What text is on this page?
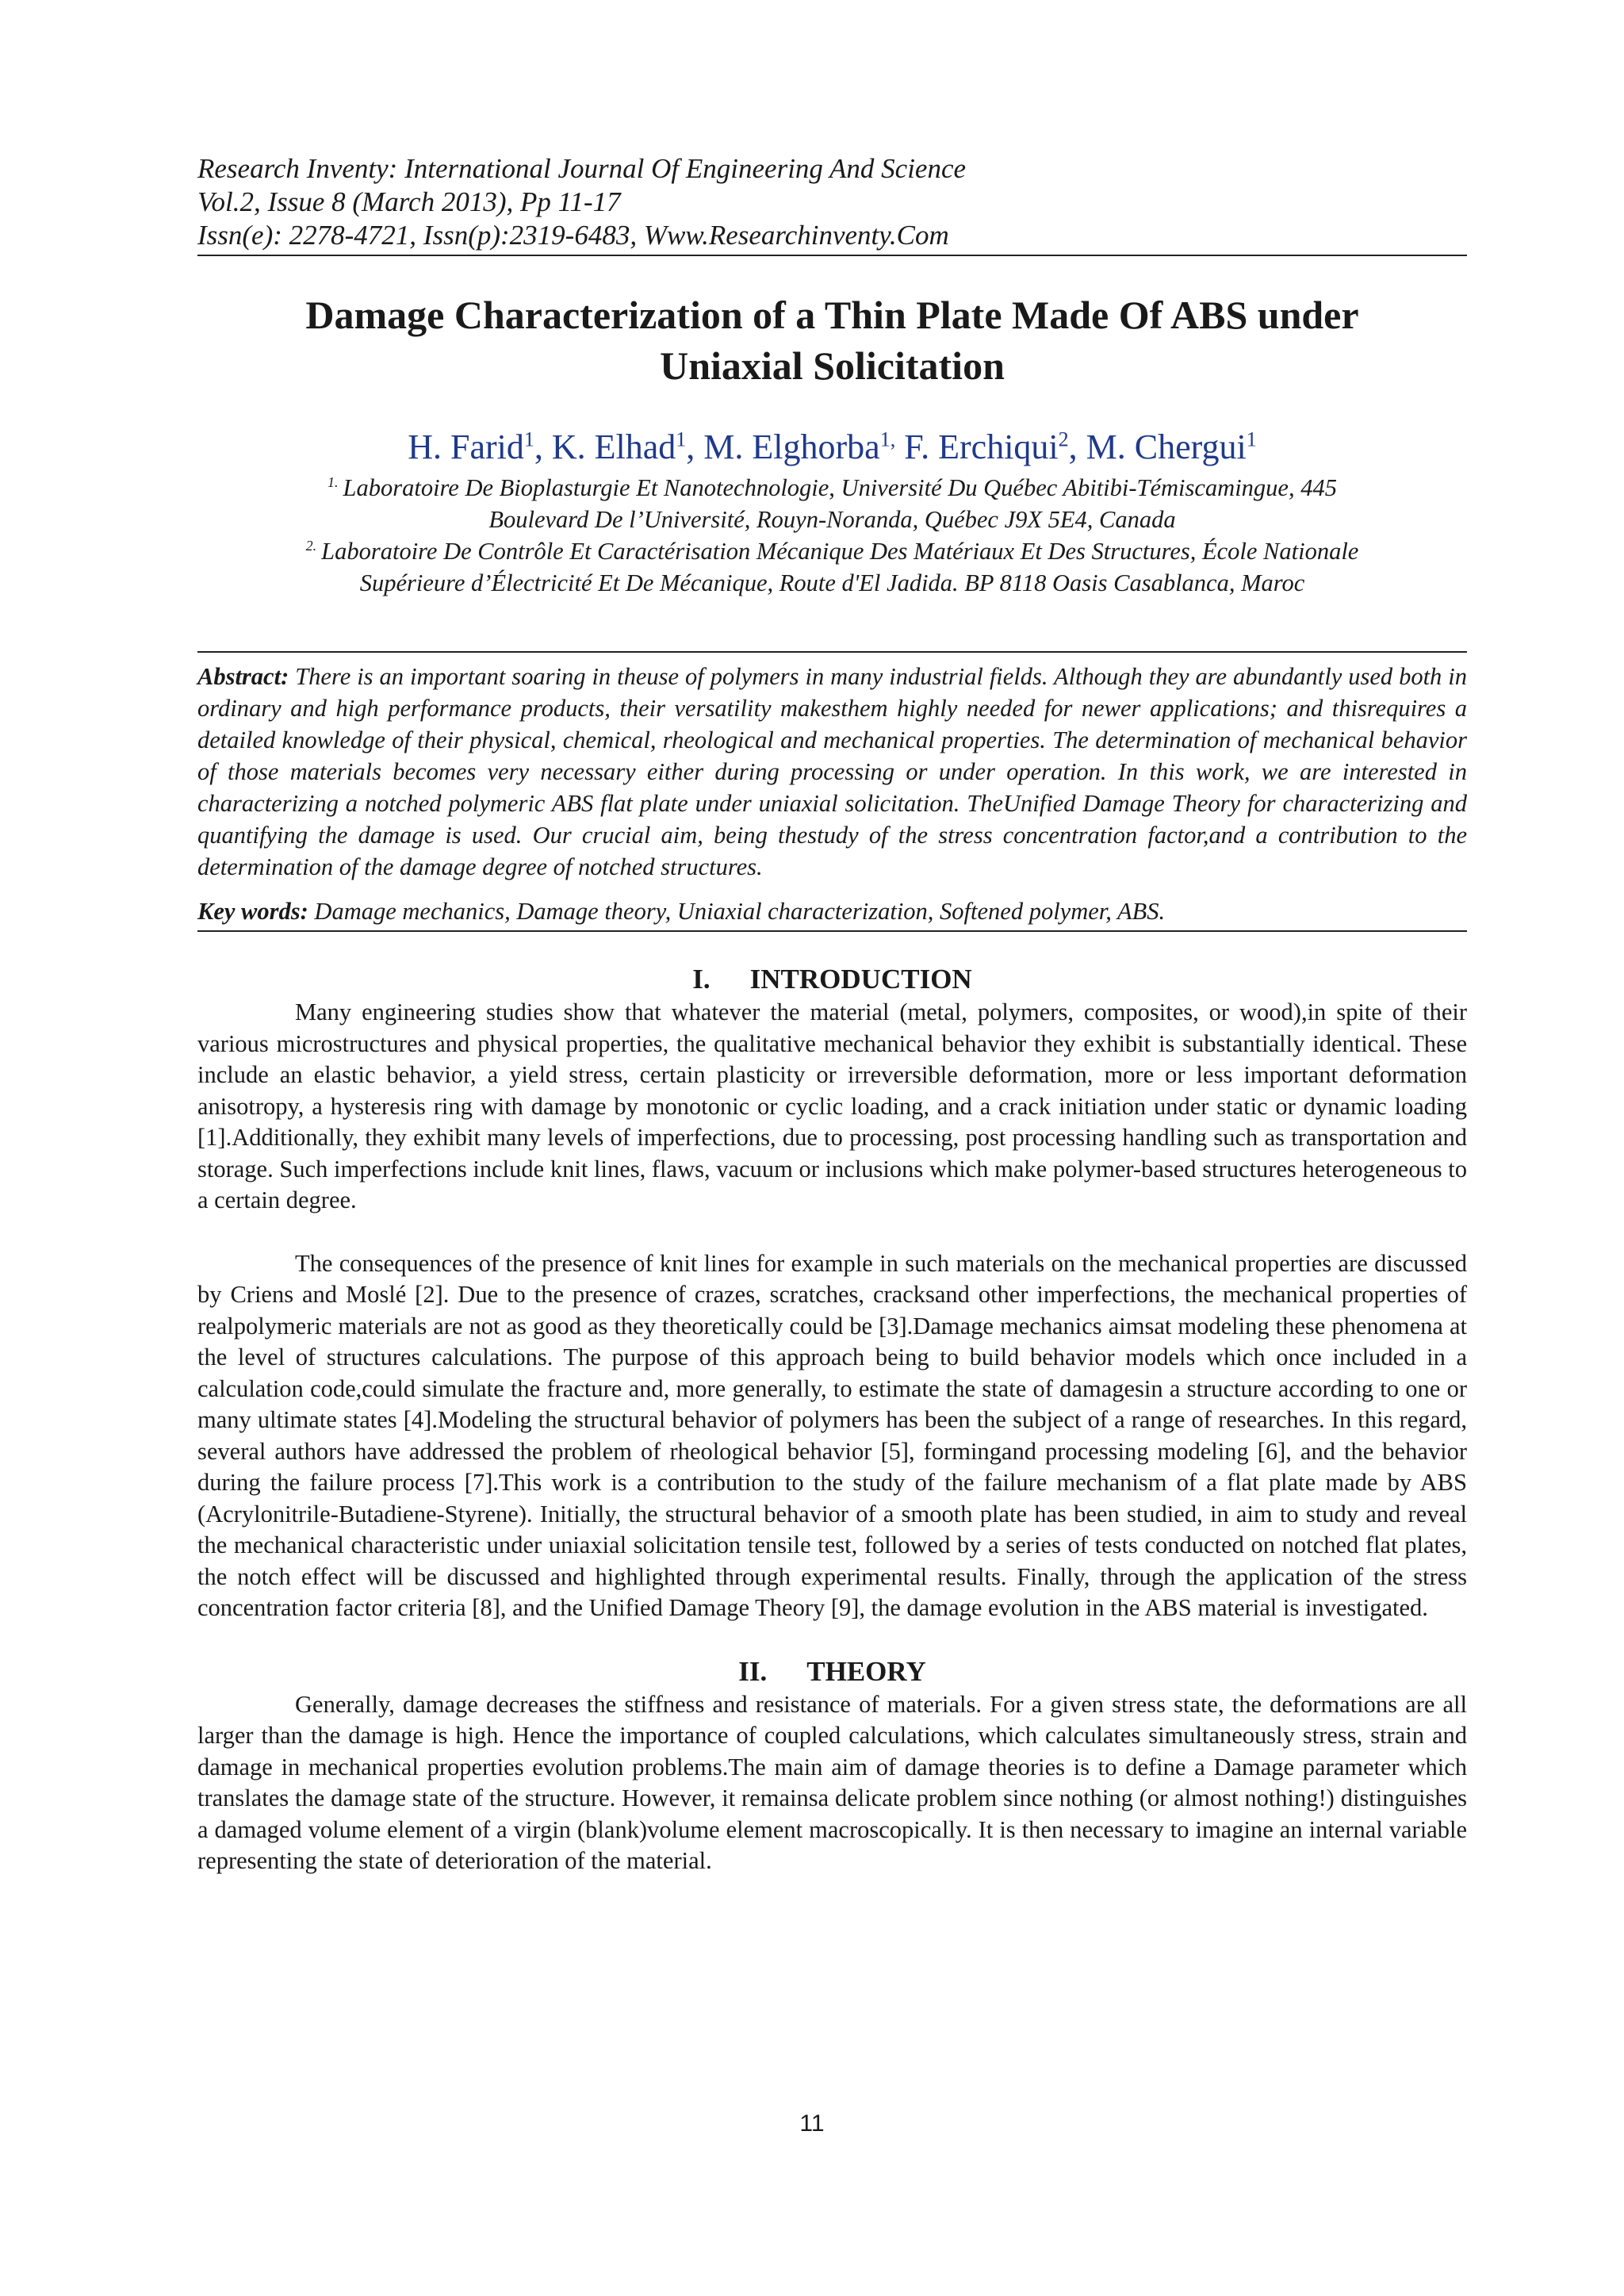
Research Inventy: International Journal Of Engineering And Science
Vol.2, Issue 8 (March 2013), Pp 11-17
Issn(e): 2278-4721, Issn(p):2319-6483, Www.Researchinventy.Com
Damage Characterization of a Thin Plate Made Of ABS under
Uniaxial Solicitation
H. Farid$^1$, K. Elhad$^1$, M. Elghorba$^{1,}$ F. Erchiqui$^2$, M. Chergui$^1$
$^{1.}$ Laboratoire De Bioplasturgie Et Nanotechnologie, Université Du Québec Abitibi-Témiscamingue, 445
Boulevard De l’Université, Rouyn-Noranda, Québec J9X 5E4, Canada
$^{2.}$ Laboratoire De Contrôle Et Caractérisation Mécanique Des Matériaux Et Des Structures, École Nationale
Supérieure d’Électricité Et De Mécanique, Route d'El Jadida. BP 8118 Oasis Casablanca, Maroc

Abstract: There is an important soaring in theuse of polymers in many industrial fields. Although they are abundantly used both in ordinary and high performance products, their versatility makesthem highly needed for newer applications; and thisrequires a detailed knowledge of their physical, chemical, rheological and mechanical properties. The determination of mechanical behavior of those materials becomes very necessary either during processing or under operation. In this work, we are interested in characterizing a notched polymeric ABS flat plate under uniaxial solicitation. TheUnified Damage Theory for characterizing and quantifying the damage is used. Our crucial aim, being thestudy of the stress concentration factor,and a contribution to the determination of the damage degree of notched structures.

Key words: Damage mechanics, Damage theory, Uniaxial characterization, Softened polymer, ABS.

I. INTRODUCTION

Many engineering studies show that whatever the material (metal, polymers, composites, or wood),in spite of their various microstructures and physical properties, the qualitative mechanical behavior they exhibit is substantially identical. These include an elastic behavior, a yield stress, certain plasticity or irreversible deformation, more or less important deformation anisotropy, a hysteresis ring with damage by monotonic or cyclic loading, and a crack initiation under static or dynamic loading [1].Additionally, they exhibit many levels of imperfections, due to processing, post processing handling such as transportation and storage. Such imperfections include knit lines, flaws, vacuum or inclusions which make polymer-based structures heterogeneous to a certain degree.

The consequences of the presence of knit lines for example in such materials on the mechanical properties are discussed by Criens and Moslé [2]. Due to the presence of crazes, scratches, cracksand other imperfections, the mechanical properties of realpolymeric materials are not as good as they theoretically could be [3].Damage mechanics aimsat modeling these phenomena at the level of structures calculations. The purpose of this approach being to build behavior models which once included in a calculation code,could simulate the fracture and, more generally, to estimate the state of damagesin a structure according to one or many ultimate states [4].Modeling the structural behavior of polymers has been the subject of a range of researches. In this regard, several authors have addressed the problem of rheological behavior [5], formingand processing modeling [6], and the behavior during the failure process [7].This work is a contribution to the study of the failure mechanism of a flat plate made by ABS (Acrylonitrile-Butadiene-Styrene). Initially, the structural behavior of a smooth plate has been studied, in aim to study and reveal the mechanical characteristic under uniaxial solicitation tensile test, followed by a series of tests conducted on notched flat plates, the notch effect will be discussed and highlighted through experimental results. Finally, through the application of the stress concentration factor criteria [8], and the Unified Damage Theory [9], the damage evolution in the ABS material is investigated.

II. THEORY

Generally, damage decreases the stiffness and resistance of materials. For a given stress state, the deformations are all larger than the damage is high. Hence the importance of coupled calculations, which calculates simultaneously stress, strain and damage in mechanical properties evolution problems.The main aim of damage theories is to define a Damage parameter which translates the damage state of the structure. However, it remainsa delicate problem since nothing (or almost nothing!) distinguishes a damaged volume element of a virgin (blank)volume element macroscopically. It is then necessary to imagine an internal variable representing the state of deterioration of the material.

11
